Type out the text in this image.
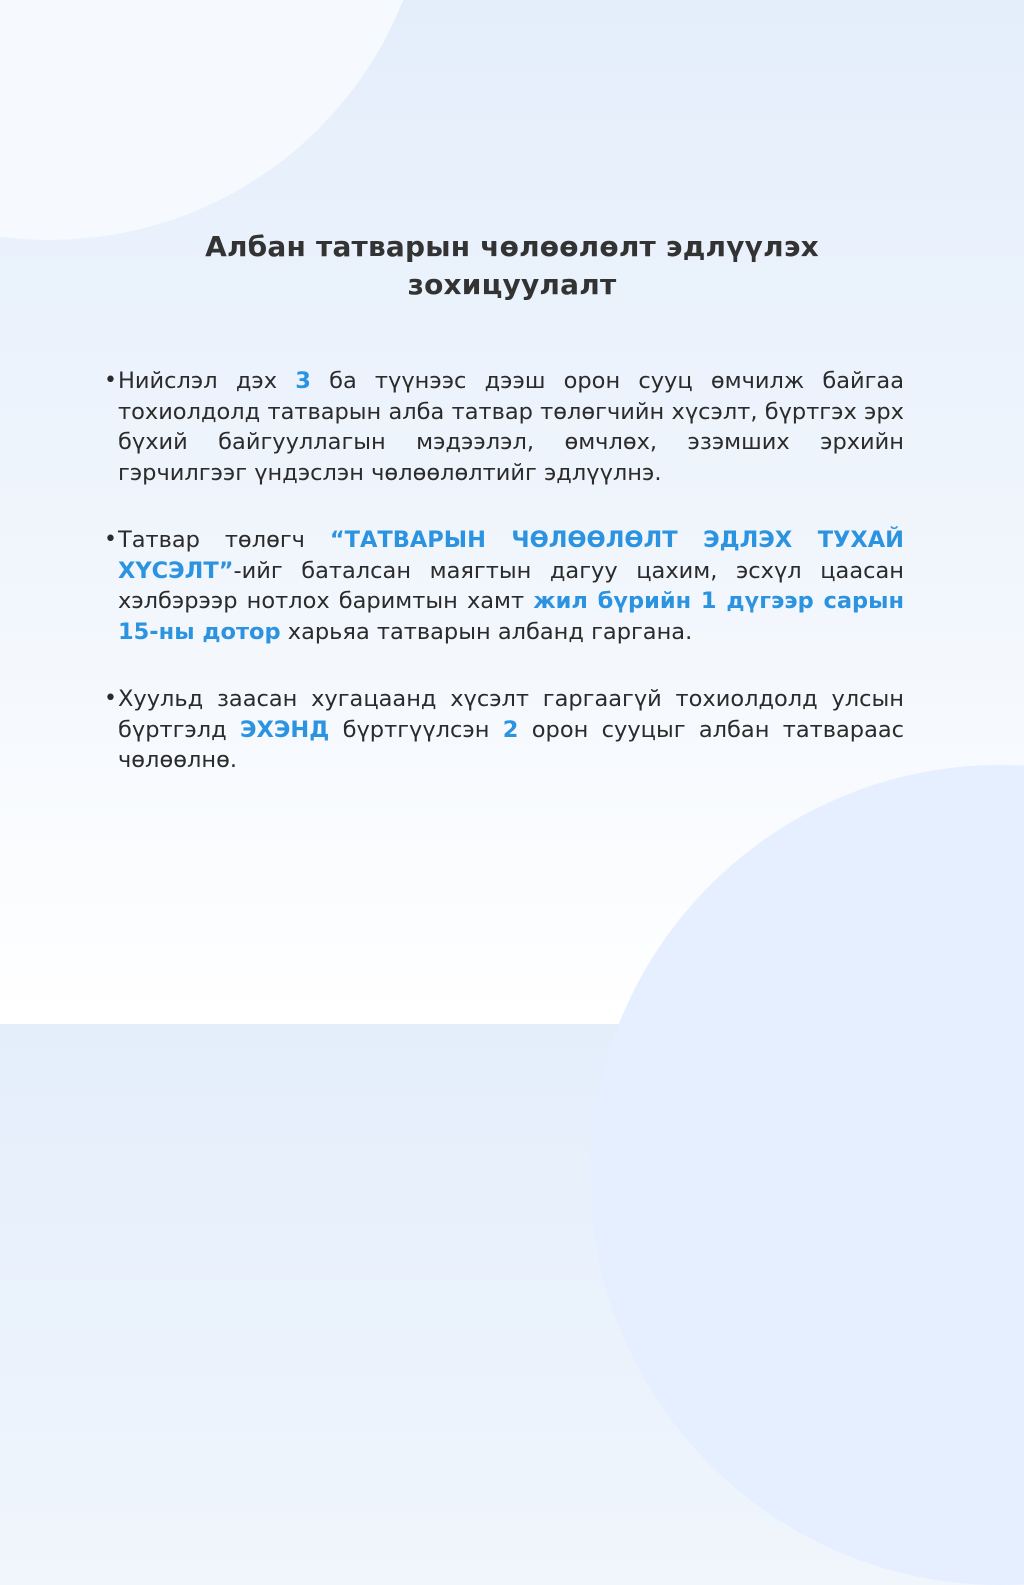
Албан татварын чөлөөлөлт эдлүүлэх
зохицуулалт
• Нийслэл дэх 3 ба түүнээс дээш орон сууц өмчилж байгаа тохиолдолд татварын алба татвар төлөгчийн хүсэлт, бүртгэх эрх бүхий байгууллагын мэдээлэл, өмчлөх, эзэмших эрхийн гэрчилгээг үндэслэн чөлөөлөлтийг эдлүүлнэ.
• Татвар төлөгч “ТАТВАРЫН ЧӨЛӨӨЛӨЛТ ЭДЛЭХ ТУХАЙ ХҮСЭЛТ”-ийг баталсан маягтын дагуу цахим, эсхүл цаасан хэлбэрээр нотлох баримтын хамт жил бүрийн 1 дүгээр сарын 15-ны дотор харьяа татварын албанд гаргана.
• Хуульд заасан хугацаанд хүсэлт гаргаагүй тохиолдолд улсын бүртгэлд ЭХЭНД бүртгүүлсэн 2 орон сууцыг албан татвараас чөлөөлнө.
